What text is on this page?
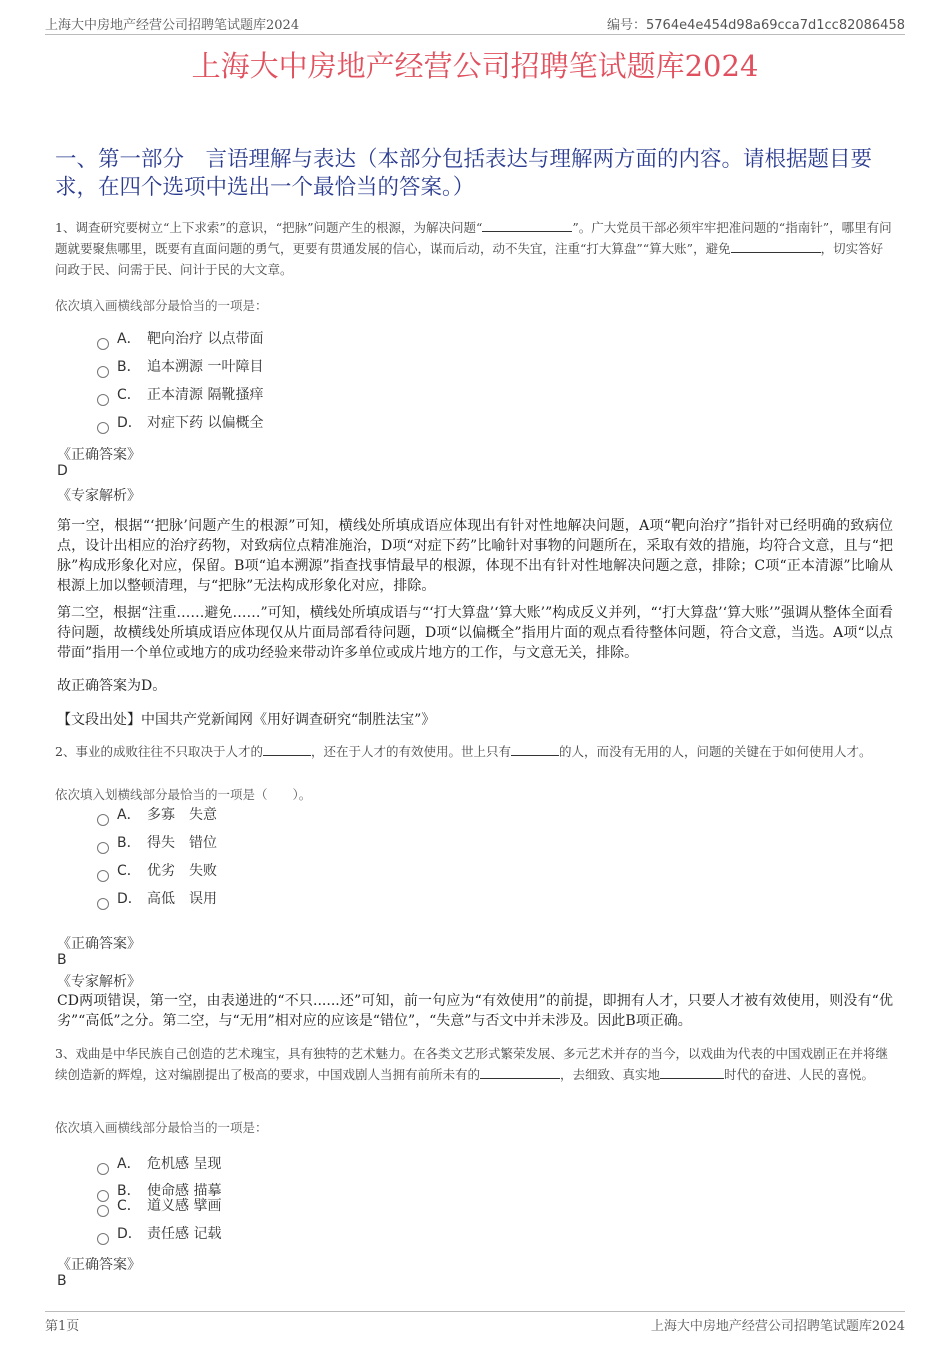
上海大中房地产经营公司招聘笔试题库2024	编号：5764e4e454d98a69cca7d1cc82086458
上海大中房地产经营公司招聘笔试题库2024
一、第一部分　言语理解与表达（本部分包括表达与理解两方面的内容。请根据题目要求，在四个选项中选出一个最恰当的答案。）
1、调查研究要树立“上下求索”的意识，“把脉”问题产生的根源，为解决问题“	”。广大党员干部必须牢牢把准问题的“指南针”，哪里有问题就要聚焦哪里，既要有直面问题的勇气，更要有贯通发展的信心，谋而后动，动不失宜，注重“打大算盘”“算大账”，避免	，切实答好问政于民、问需于民、问计于民的大文章。
依次填入画横线部分最恰当的一项是：
A． 靶向治疗 以点带面
B． 追本溯源 一叶障目
C． 正本清源 隔靴搔痒
D． 对症下药 以偏概全
《正确答案》
D
《专家解析》
第一空，根据“‘把脉’问题产生的根源”可知，横线处所填成语应体现出有针对性地解决问题，A项“靶向治疗”指针对已经明确的致病位点，设计出相应的治疗药物，对致病位点精准施治，D项“对症下药”比喻针对事物的问题所在，采取有效的措施，均符合文意，且与“把脉”构成形象化对应，保留。B项“追本溯源”指查找事情最早的根源，体现不出有针对性地解决问题之意，排除；C项“正本清源”比喻从根源上加以整顿清理，与“把脉”无法构成形象化对应，排除。
第二空，根据“注重……避免……”可知，横线处所填成语与“‘打大算盘’‘算大账’”构成反义并列，“‘打大算盘’‘算大账’”强调从整体全面看待问题，故横线处所填成语应体现仅从片面局部看待问题，D项“以偏概全”指用片面的观点看待整体问题，符合文意，当选。A项“以点带面”指用一个单位或地方的成功经验来带动许多单位或成片地方的工作，与文意无关，排除。
故正确答案为D。
【文段出处】中国共产党新闻网《用好调查研究“制胜法宝”》
2、事业的成败往往不只取决于人才的	，还在于人才的有效使用。世上只有	的人，而没有无用的人，问题的关键在于如何使用人才。
依次填入划横线部分最恰当的一项是（　　）。
A． 多寡　失意
B． 得失　错位
C． 优劣　失败
D． 高低　误用
《正确答案》
B
《专家解析》
CD两项错误，第一空，由表递进的“不只......还”可知，前一句应为“有效使用”的前提，即拥有人才，只要人才被有效使用，则没有“优劣”“高低”之分。第二空，与“无用”相对应的应该是“错位”，“失意”与否文中并未涉及。因此B项正确。
3、戏曲是中华民族自己创造的艺术瑰宝，具有独特的艺术魅力。在各类文艺形式繁荣发展、多元艺术并存的当今，以戏曲为代表的中国戏剧正在并将继续创造新的辉煌，这对编剧提出了极高的要求，中国戏剧人当拥有前所未有的	，去细致、真实地	时代的奋进、人民的喜悦。
依次填入画横线部分最恰当的一项是：
A． 危机感 呈现
B． 使命感 描摹
C． 道义感 擘画
D． 责任感 记载
《正确答案》
B
第1页	上海大中房地产经营公司招聘笔试题库2024
